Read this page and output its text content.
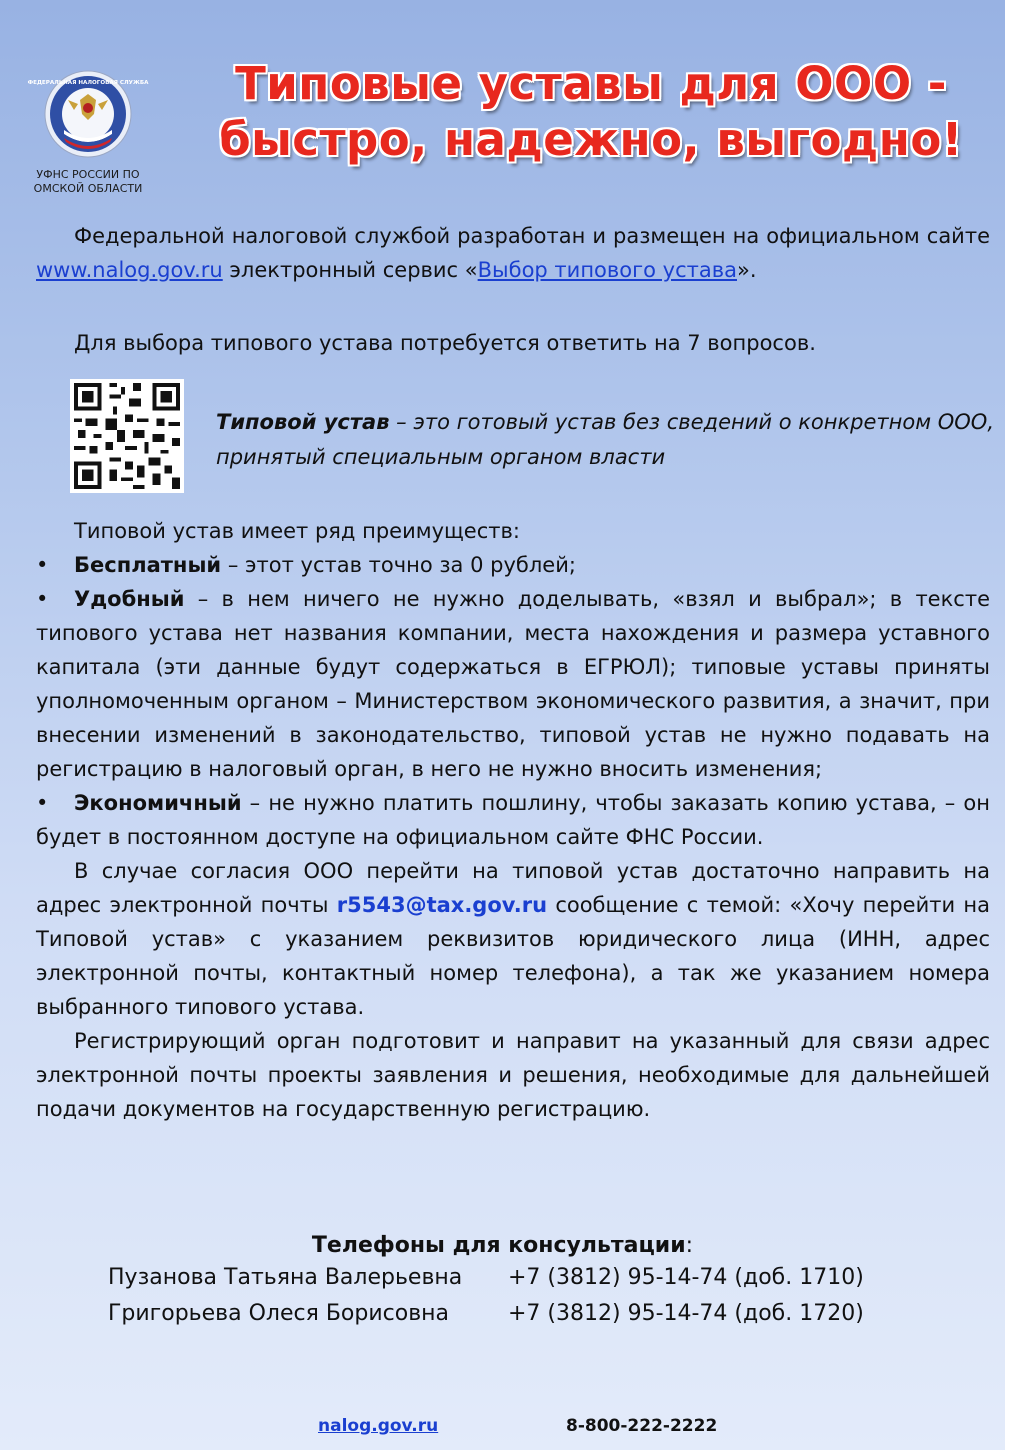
ФЕДЕРАЛЬНАЯ НАЛОГОВАЯ СЛУЖБА
УФНС РОССИИ ПО
ОМСКОЙ ОБЛАСТИ
Типовые уставы для ООО -
быстро, надежно, выгодно!
Федеральной налоговой службой разработан и размещен на официальном сайте www.nalog.gov.ru электронный сервис «Выбор типового устава».
Для выбора типового устава потребуется ответить на 7 вопросов.
Типовой устав – это готовый устав без сведений о конкретном ООО, принятый специальным органом власти
Типовой устав имеет ряд преимуществ:

• Бесплатный – этот устав точно за 0 рублей;

• Удобный – в нем ничего не нужно доделывать, «взял и выбрал»; в тексте типового устава нет названия компании, места нахождения и размера уставного капитала (эти данные будут содержаться в ЕГРЮЛ); типовые уставы приняты уполномоченным органом – Министерством экономического развития, а значит, при внесении изменений в законодательство, типовой устав не нужно подавать на регистрацию в налоговый орган, в него не нужно вносить изменения;

• Экономичный – не нужно платить пошлину, чтобы заказать копию устава, – он будет в постоянном доступе на официальном сайте ФНС России.

В случае согласия ООО перейти на типовой устав достаточно направить на адрес электронной почты r5543@tax.gov.ru сообщение с темой: «Хочу перейти на Типовой устав» с указанием реквизитов юридического лица (ИНН, адрес электронной почты, контактный номер телефона), а так же указанием номера выбранного типового устава.

Регистрирующий орган подготовит и направит на указанный для связи адрес электронной почты проекты заявления и решения, необходимые для дальнейшей подачи документов на государственную регистрацию.

Телефоны для консультации:
Пузанова Татьяна Валерьевна +7 (3812) 95-14-74 (доб. 1710)
Григорьева Олеся Борисовна	+7 (3812) 95-14-74 (доб. 1720)
nalog.gov.ru	8-800-222-2222
